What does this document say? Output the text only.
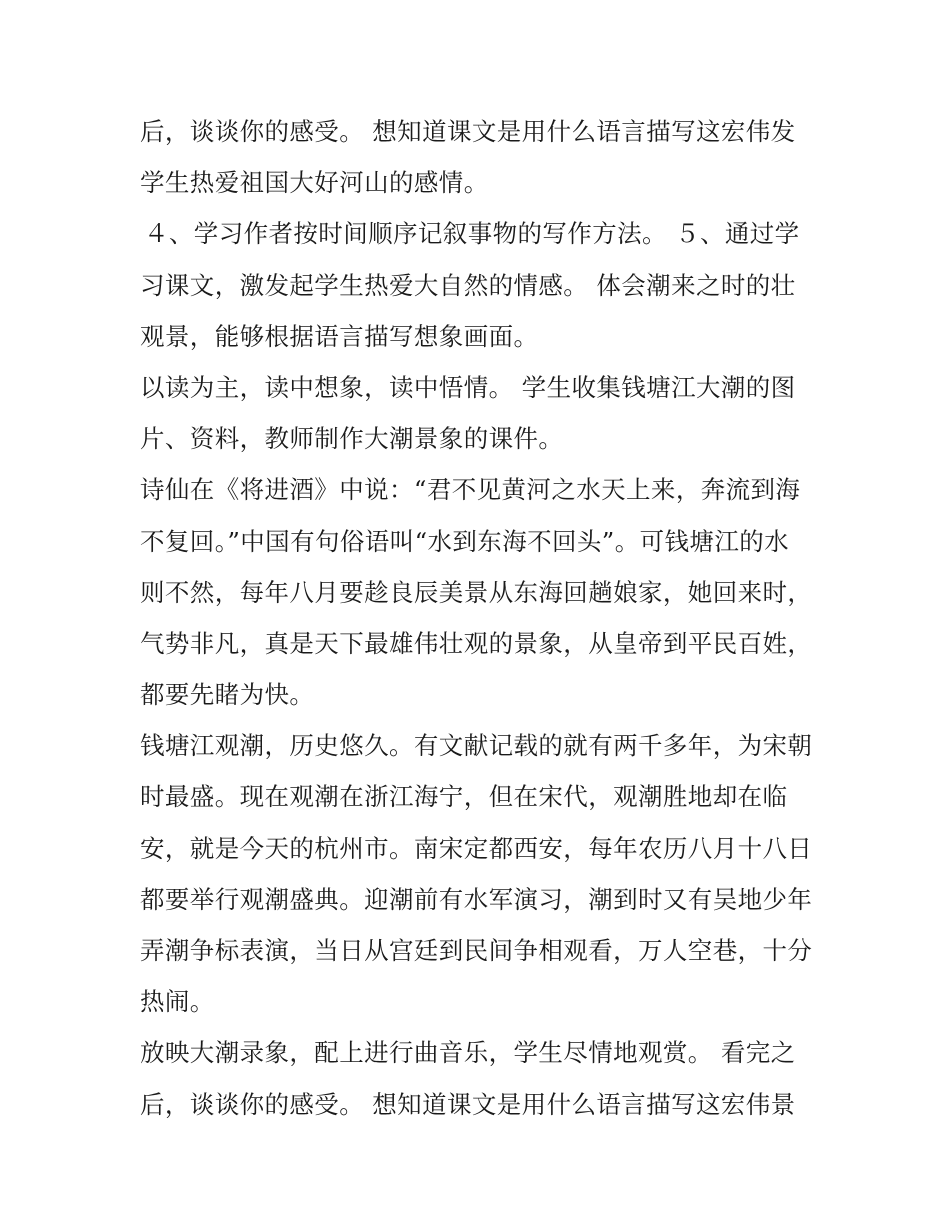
后，谈谈你的感受。 想知道课文是用什么语言描写这宏伟发
学生热爱祖国大好河山的感情。
４、学习作者按时间顺序记叙事物的写作方法。 ５、通过学
习课文，激发起学生热爱大自然的情感。 体会潮来之时的壮
观景，能够根据语言描写想象画面。
以读为主，读中想象，读中悟情。 学生收集钱塘江大潮的图
片、资料，教师制作大潮景象的课件。
诗仙在《将进酒》中说：“君不见黄河之水天上来，奔流到海
不复回。”中国有句俗语叫“水到东海不回头”。可钱塘江的水
则不然，每年八月要趁良辰美景从东海回趟娘家，她回来时，
气势非凡，真是天下最雄伟壮观的景象，从皇帝到平民百姓，
都要先睹为快。
钱塘江观潮，历史悠久。有文献记载的就有两千多年，为宋朝
时最盛。现在观潮在浙江海宁，但在宋代，观潮胜地却在临
安，就是今天的杭州市。南宋定都西安，每年农历八月十八日
都要举行观潮盛典。迎潮前有水军演习，潮到时又有吴地少年
弄潮争标表演，当日从宫廷到民间争相观看，万人空巷，十分
热闹。
放映大潮录象，配上进行曲音乐，学生尽情地观赏。 看完之
后，谈谈你的感受。 想知道课文是用什么语言描写这宏伟景
